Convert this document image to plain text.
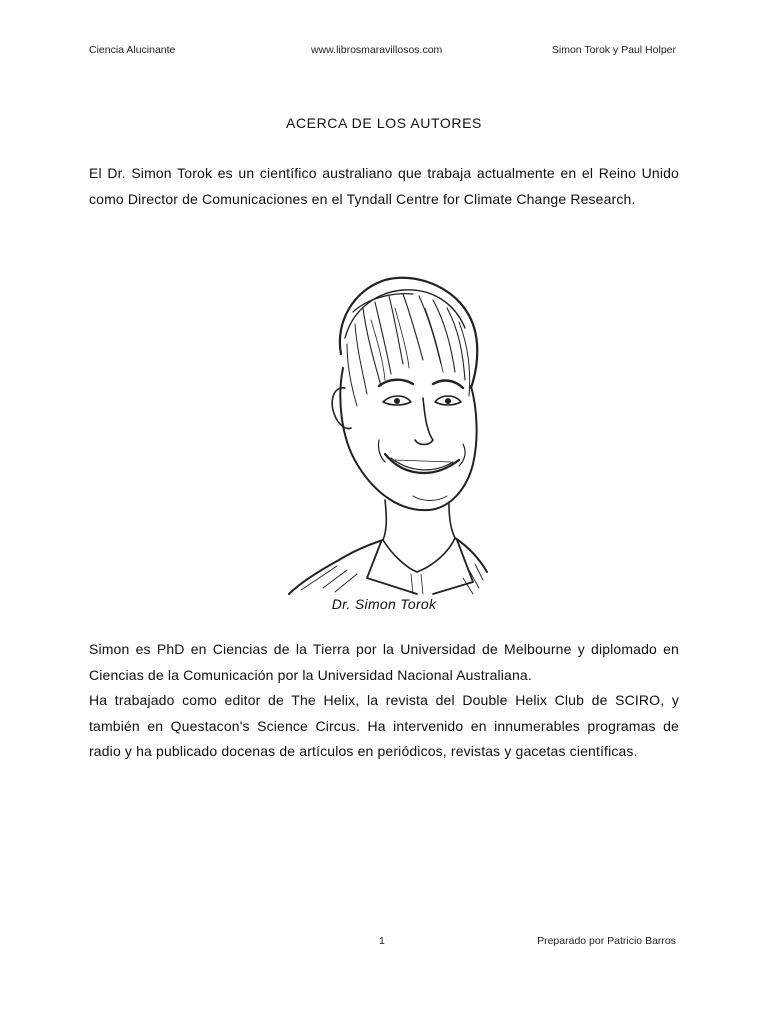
Ciencia Alucinante	www.librosmaravillosos.com	Simon Torok y Paul Holper
ACERCA DE LOS AUTORES
El Dr. Simon Torok es un científico australiano que trabaja actualmente en el Reino Unido como Director de Comunicaciones en el Tyndall Centre for Climate Change Research.
Dr. Simon Torok
Simon es PhD en Ciencias de la Tierra por la Universidad de Melbourne y diplomado en Ciencias de la Comunicación por la Universidad Nacional Australiana.
Ha trabajado como editor de The Helix, la revista del Double Helix Club de SCIRO, y también en Questacon's Science Circus. Ha intervenido en innumerables programas de radio y ha publicado docenas de artículos en periódicos, revistas y gacetas científicas.
1	Preparado por Patricio Barros
